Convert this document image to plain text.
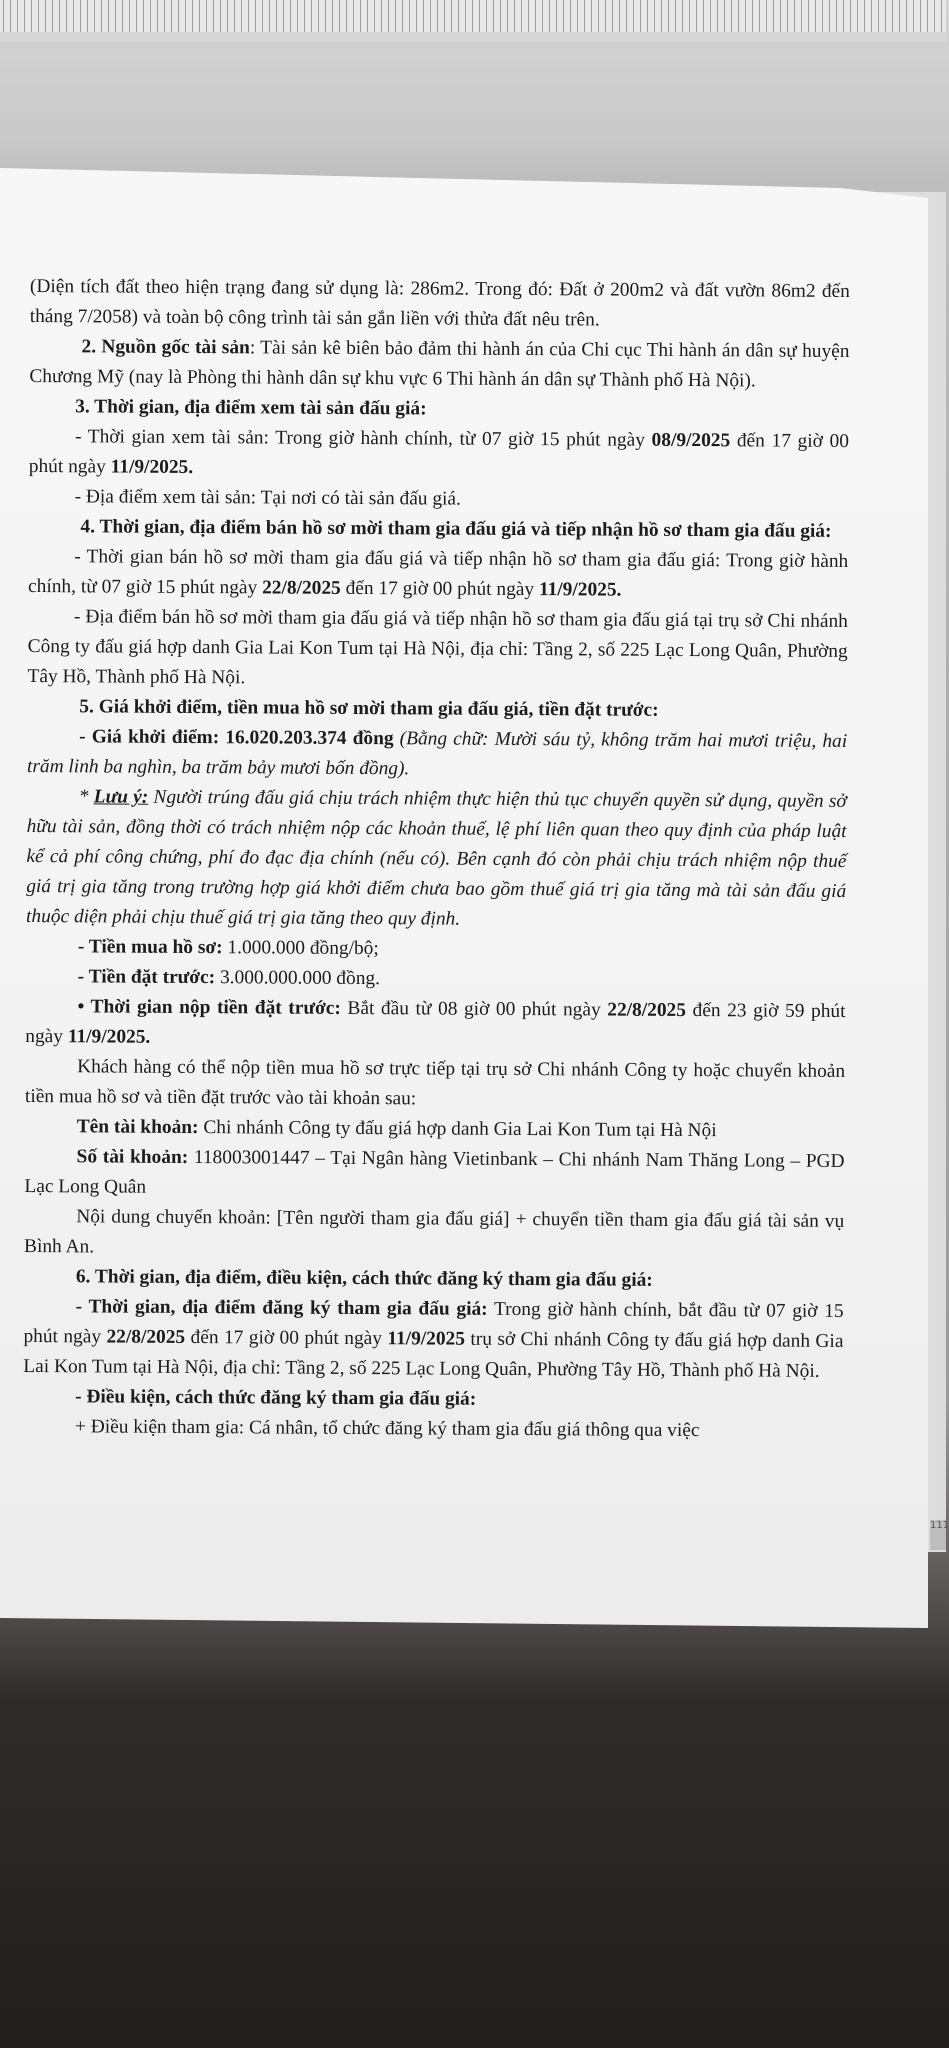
111

(Diện tích đất theo hiện trạng đang sử dụng là: 286m2. Trong đó: Đất ở 200m2 và đất vườn 86m2 đến tháng 7/2058) và toàn bộ công trình tài sản gắn liền với thửa đất nêu trên.

2. Nguồn gốc tài sản: Tài sản kê biên bảo đảm thi hành án của Chi cục Thi hành án dân sự huyện Chương Mỹ (nay là Phòng thi hành dân sự khu vực 6 Thi hành án dân sự Thành phố Hà Nội).

3. Thời gian, địa điểm xem tài sản đấu giá:

- Thời gian xem tài sản: Trong giờ hành chính, từ 07 giờ 15 phút ngày 08/9/2025 đến 17 giờ 00 phút ngày 11/9/2025.

- Địa điểm xem tài sản: Tại nơi có tài sản đấu giá.

4. Thời gian, địa điểm bán hồ sơ mời tham gia đấu giá và tiếp nhận hồ sơ tham gia đấu giá:

- Thời gian bán hồ sơ mời tham gia đấu giá và tiếp nhận hồ sơ tham gia đấu giá: Trong giờ hành chính, từ 07 giờ 15 phút ngày 22/8/2025 đến 17 giờ 00 phút ngày 11/9/2025.

- Địa điểm bán hồ sơ mời tham gia đấu giá và tiếp nhận hồ sơ tham gia đấu giá tại trụ sở Chi nhánh Công ty đấu giá hợp danh Gia Lai Kon Tum tại Hà Nội, địa chỉ: Tầng 2, số 225 Lạc Long Quân, Phường Tây Hồ, Thành phố Hà Nội.

5. Giá khởi điểm, tiền mua hồ sơ mời tham gia đấu giá, tiền đặt trước:

- Giá khởi điểm: 16.020.203.374 đồng (Bằng chữ: Mười sáu tỷ, không trăm hai mươi triệu, hai trăm linh ba nghìn, ba trăm bảy mươi bốn đồng).

* Lưu ý: Người trúng đấu giá chịu trách nhiệm thực hiện thủ tục chuyển quyền sử dụng, quyền sở hữu tài sản, đồng thời có trách nhiệm nộp các khoản thuế, lệ phí liên quan theo quy định của pháp luật kể cả phí công chứng, phí đo đạc địa chính (nếu có). Bên cạnh đó còn phải chịu trách nhiệm nộp thuế giá trị gia tăng trong trường hợp giá khởi điểm chưa bao gồm thuế giá trị gia tăng mà tài sản đấu giá thuộc diện phải chịu thuế giá trị gia tăng theo quy định.

- Tiền mua hồ sơ: 1.000.000 đồng/bộ;

- Tiền đặt trước: 3.000.000.000 đồng.

• Thời gian nộp tiền đặt trước: Bắt đầu từ 08 giờ 00 phút ngày 22/8/2025 đến 23 giờ 59 phút ngày 11/9/2025.

Khách hàng có thể nộp tiền mua hồ sơ trực tiếp tại trụ sở Chi nhánh Công ty hoặc chuyển khoản tiền mua hồ sơ và tiền đặt trước vào tài khoản sau:

Tên tài khoản: Chi nhánh Công ty đấu giá hợp danh Gia Lai Kon Tum tại Hà Nội

Số tài khoản: 118003001447 – Tại Ngân hàng Vietinbank – Chi nhánh Nam Thăng Long – PGD Lạc Long Quân

Nội dung chuyển khoản: [Tên người tham gia đấu giá] + chuyển tiền tham gia đấu giá tài sản vụ Bình An.

6. Thời gian, địa điểm, điều kiện, cách thức đăng ký tham gia đấu giá:

- Thời gian, địa điểm đăng ký tham gia đấu giá: Trong giờ hành chính, bắt đầu từ 07 giờ 15 phút ngày 22/8/2025 đến 17 giờ 00 phút ngày 11/9/2025 trụ sở Chi nhánh Công ty đấu giá hợp danh Gia Lai Kon Tum tại Hà Nội, địa chỉ: Tầng 2, số 225 Lạc Long Quân, Phường Tây Hồ, Thành phố Hà Nội.

- Điều kiện, cách thức đăng ký tham gia đấu giá:

+ Điều kiện tham gia: Cá nhân, tổ chức đăng ký tham gia đấu giá thông qua việc
